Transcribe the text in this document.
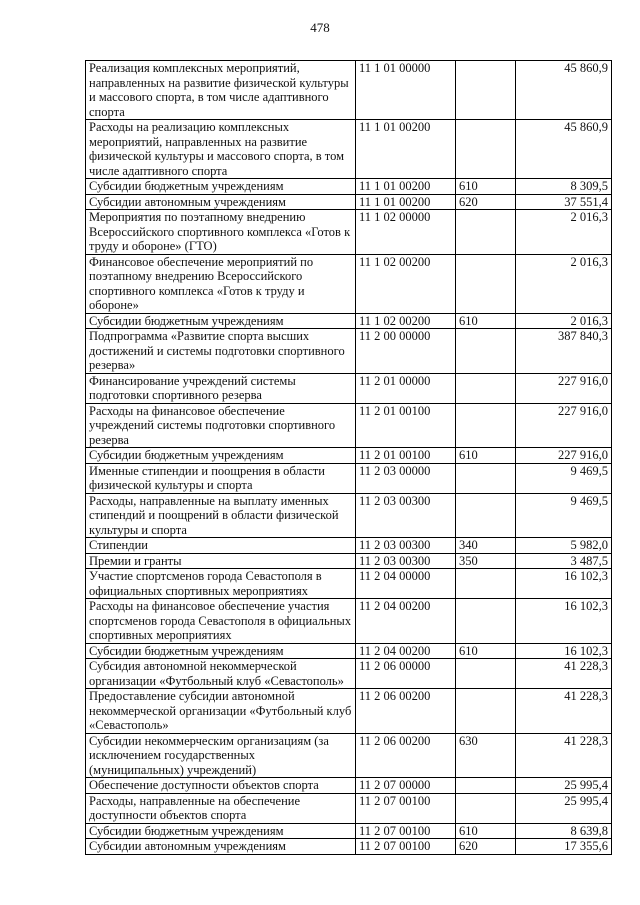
478
Реализация комплексных мероприятий, направленных на развитие физической культуры и массового спорта, в том числе адаптивного спорта	11 1 01 00000		45 860,9
Расходы на реализацию комплексных мероприятий, направленных на развитие физической культуры и массового спорта, в том числе адаптивного спорта	11 1 01 00200		45 860,9
Субсидии бюджетным учреждениям	11 1 01 00200	610	8 309,5
Субсидии автономным учреждениям	11 1 01 00200	620	37 551,4
Мероприятия по поэтапному внедрению Всероссийского спортивного комплекса «Готов к труду и обороне» (ГТО)	11 1 02 00000		2 016,3
Финансовое обеспечение мероприятий по поэтапному внедрению Всероссийского спортивного комплекса «Готов к труду и обороне»	11 1 02 00200		2 016,3
Субсидии бюджетным учреждениям	11 1 02 00200	610	2 016,3
Подпрограмма «Развитие спорта высших достижений и системы подготовки спортивного резерва»	11 2 00 00000		387 840,3
Финансирование учреждений системы подготовки спортивного резерва	11 2 01 00000		227 916,0
Расходы на финансовое обеспечение учреждений системы подготовки спортивного резерва	11 2 01 00100		227 916,0
Субсидии бюджетным учреждениям	11 2 01 00100	610	227 916,0
Именные стипендии и поощрения в области физической культуры и спорта	11 2 03 00000		9 469,5
Расходы, направленные на выплату именных стипендий и поощрений в области физической культуры и спорта	11 2 03 00300		9 469,5
Стипендии	11 2 03 00300	340	5 982,0
Премии и гранты	11 2 03 00300	350	3 487,5
Участие спортсменов города Севастополя в официальных спортивных мероприятиях	11 2 04 00000		16 102,3
Расходы на финансовое обеспечение участия спортсменов города Севастополя в официальных спортивных мероприятиях	11 2 04 00200		16 102,3
Субсидии бюджетным учреждениям	11 2 04 00200	610	16 102,3
Субсидия автономной некоммерческой организации «Футбольный клуб «Севастополь»	11 2 06 00000		41 228,3
Предоставление субсидии автономной некоммерческой организации «Футбольный клуб «Севастополь»	11 2 06 00200		41 228,3
Субсидии некоммерческим организациям (за исключением государственных (муниципальных) учреждений)	11 2 06 00200	630	41 228,3
Обеспечение доступности объектов спорта	11 2 07 00000		25 995,4
Расходы, направленные на обеспечение доступности объектов спорта	11 2 07 00100		25 995,4
Субсидии бюджетным учреждениям	11 2 07 00100	610	8 639,8
Субсидии автономным учреждениям	11 2 07 00100	620	17 355,6
